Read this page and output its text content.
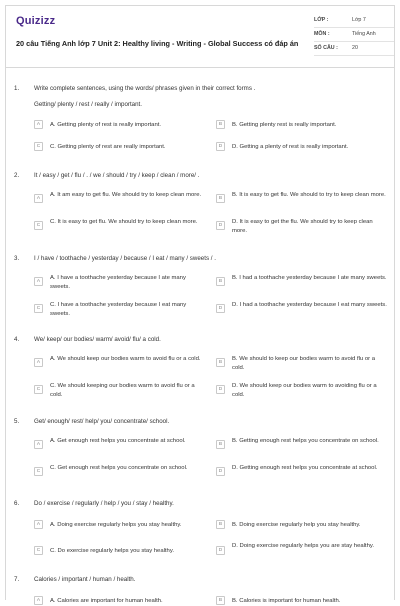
Quizizz
20 câu Tiếng Anh lớp 7 Unit 2: Healthy living - Writing - Global Success có đáp án
LỚP :	Lớp 7
MÔN :	Tiếng Anh
SỐ CÂU :	20
1. Write complete sentences, using the words/ phrases given in their correct forms .
Getting/ plenty / rest / really / important.
A	A. Getting plenty of rest is really important.	B	B. Getting plenty rest is really important.
C	C. Getting plenty of rest are really important.	D	D. Getting a plenty of rest is really important.
2. It / easy / get / flu / . / we / should / try / keep / clean / more/ .
A
A. It am easy to get flu. We should try to keep clean more.
B
B. It is easy to get flu. We should to try to keep clean more.
C
C. It is easy to get flu. We should try to keep clean more.
D
D. It is easy to get the flu. We should try to keep clean more.
3. I / have / toothache / yesterday / because / I eat / many / sweets / .
A
A. I have a toothache yesterday because I ate many sweets.
B
B. I had a toothache yesterday because I ate many sweets.
C
C. I have a toothache yesterday because I eat many sweets.
D
D. I had a toothache yesterday because I eat many sweets.
4. We/ keep/ our bodies/ warm/ avoid/ flu/ a cold.
A
A. We should keep our bodies warm to avoid flu or a cold.
B
B. We should to keep our bodies warm to avoid flu or a cold.
C
C. We should keeping our bodies warm to avoid flu or a cold.
D
D. We should keep our bodies warm to avoiding flu or a cold.
5. Get/ enough/ rest/ help/ you/ concentrate/ school.
A
A. Get enough rest helps you concentrate at school.
B
B. Getting enough rest helps you concentrate on school.
C
C. Get enough rest helps you concentrate on school.
D
D. Getting enough rest helps you concentrate at school.
6. Do / exercise / regularly / help / you / stay / healthy.
A	A. Doing exercise regularly helps you stay healthy.	B	B. Doing exercise regularly help you stay healthy.
C	C. Do exercise regularly helps you stay healthy.	D
D. Doing exercise regularly helps you are stay healthy.
7. Calories / important / human / health.
A	A. Calories are important for human health.	B	B. Calories is important for human health.
